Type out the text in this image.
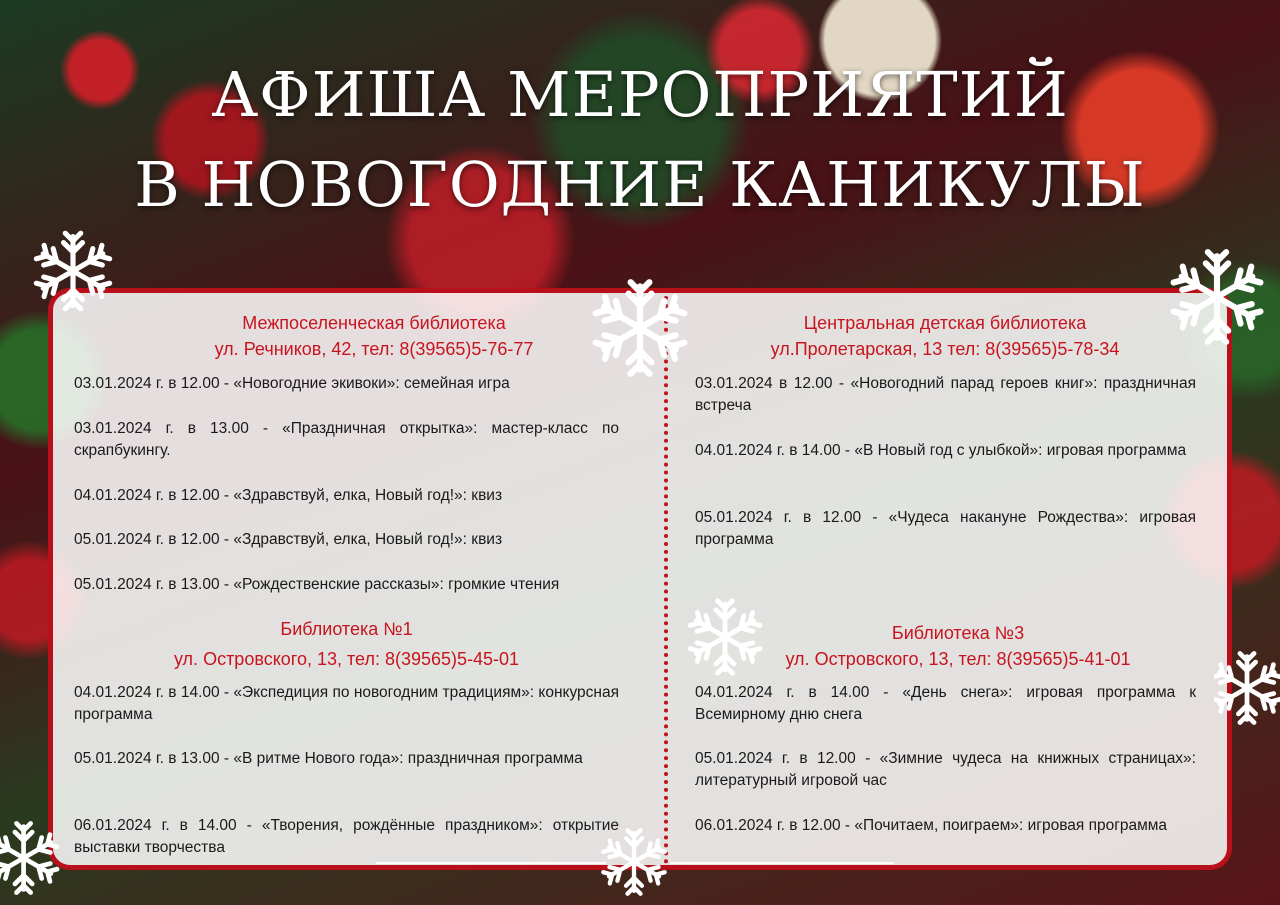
АФИША МЕРОПРИЯТИЙ
В НОВОГОДНИЕ КАНИКУЛЫ
Межпоселенческая библиотека
ул. Речников, 42, тел: 8(39565)5-76-77

03.01.2024 г. в 12.00 - «Новогодние экивоки»: семейная игра

03.01.2024 г. в 13.00 - «Праздничная открытка»: мастер-класс по скрапбукингу.

04.01.2024 г. в 12.00 - «Здравствуй, елка, Новый год!»: квиз

05.01.2024 г. в 12.00 - «Здравствуй, елка, Новый год!»: квиз

05.01.2024 г. в 13.00 - «Рождественские рассказы»: громкие чтения

Библиотека №1
ул. Островского, 13, тел: 8(39565)5-45-01

04.01.2024 г. в 14.00 - «Экспедиция по новогодним традициям»: конкурсная программа

05.01.2024 г. в 13.00 - «В ритме Нового года»: праздничная программа

06.01.2024 г. в 14.00 - «Творения, рождённые праздником»: открытие выставки творчества

Центральная детская библиотека
ул.Пролетарская, 13 тел: 8(39565)5-78-34

03.01.2024 в 12.00 - «Новогодний парад героев книг»: праздничная встреча

04.01.2024 г. в 14.00 - «В Новый год с улыбкой»: игровая программа

05.01.2024 г. в 12.00 - «Чудеса накануне Рождества»: игровая программа

Библиотека №3
ул. Островского, 13, тел: 8(39565)5-41-01

04.01.2024 г. в 14.00 - «День снега»: игровая программа к Всемирному дню снега

05.01.2024 г. в 12.00 - «Зимние чудеса на книжных страницах»: литературный игровой час

06.01.2024 г. в 12.00 - «Почитаем, поиграем»: игровая программа
